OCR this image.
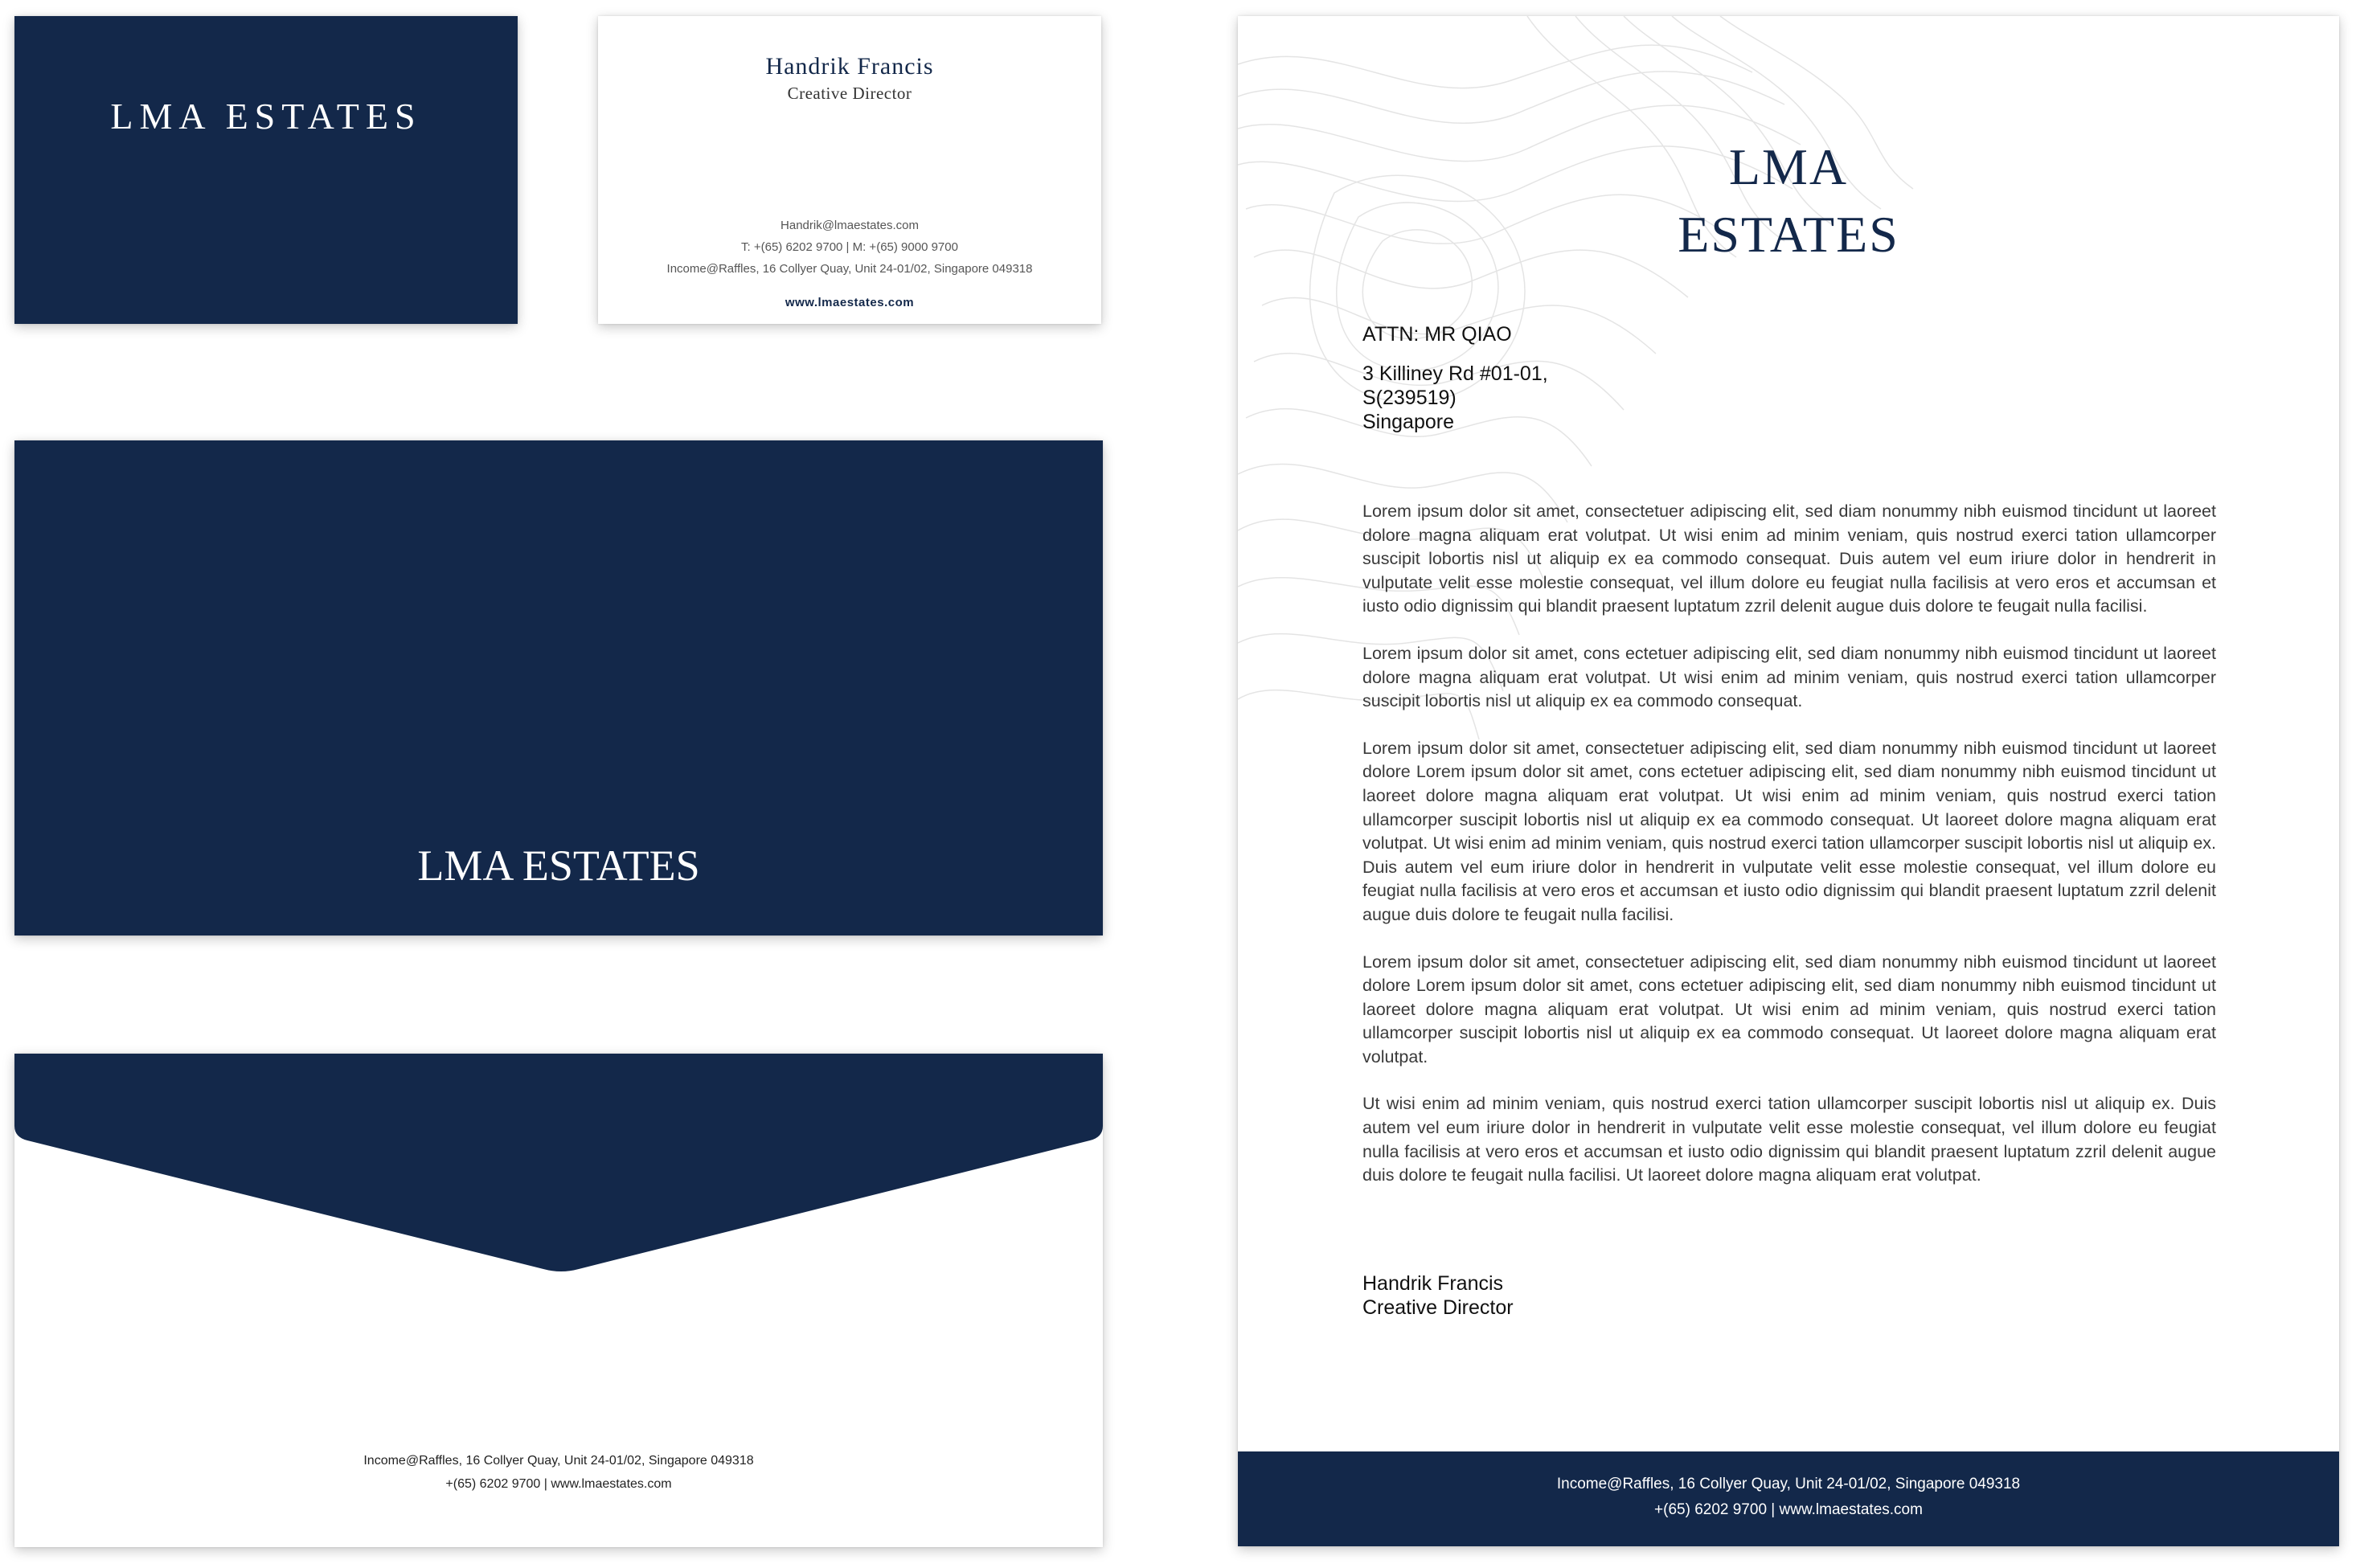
LMA ESTATES
Handrik Francis
Creative Director
Handrik@lmaestates.com
T: +(65) 6202 9700 | M: +(65) 9000 9700
Income@Raffles, 16 Collyer Quay, Unit 24-01/02, Singapore 049318
www.lmaestates.com
LMA ESTATES
Income@Raffles, 16 Collyer Quay, Unit 24-01/02, Singapore 049318
+(65) 6202 9700 | www.lmaestates.com
LMA
ESTATES
ATTN: MR QIAO
3 Killiney Rd #01-01,
S(239519)
Singapore

Lorem ipsum dolor sit amet, consectetuer adipiscing elit, sed diam nonummy nibh euismod tincidunt ut laoreet dolore magna aliquam erat volutpat. Ut wisi enim ad minim veniam, quis nostrud exerci tation ullamcorper suscipit lobortis nisl ut aliquip ex ea commodo consequat. Duis autem vel eum iriure dolor in hendrerit in vulputate velit esse molestie consequat, vel illum dolore eu feugiat nulla facilisis at vero eros et accumsan et iusto odio dignissim qui blandit praesent luptatum zzril delenit augue duis dolore te feugait nulla facilisi.

Lorem ipsum dolor sit amet, cons ectetuer adipiscing elit, sed diam nonummy nibh euismod tincidunt ut laoreet dolore magna aliquam erat volutpat. Ut wisi enim ad minim veniam, quis nostrud exerci tation ullamcorper suscipit lobortis nisl ut aliquip ex ea commodo consequat.

Lorem ipsum dolor sit amet, consectetuer adipiscing elit, sed diam nonummy nibh euismod tincidunt ut laoreet dolore Lorem ipsum dolor sit amet, cons ectetuer adipiscing elit, sed diam nonummy nibh euismod tincidunt ut laoreet dolore magna aliquam erat volutpat. Ut wisi enim ad minim veniam, quis nostrud exerci tation ullamcorper suscipit lobortis nisl ut aliquip ex ea commodo consequat. Ut laoreet dolore magna aliquam erat volutpat. Ut wisi enim ad minim veniam, quis nostrud exerci tation ullamcorper suscipit lobortis nisl ut aliquip ex. Duis autem vel eum iriure dolor in hendrerit in vulputate velit esse molestie consequat, vel illum dolore eu feugiat nulla facilisis at vero eros et accumsan et iusto odio dignissim qui blandit praesent luptatum zzril delenit augue duis dolore te feugait nulla facilisi.

Lorem ipsum dolor sit amet, consectetuer adipiscing elit, sed diam nonummy nibh euismod tincidunt ut laoreet dolore Lorem ipsum dolor sit amet, cons ectetuer adipiscing elit, sed diam nonummy nibh euismod tincidunt ut laoreet dolore magna aliquam erat volutpat. Ut wisi enim ad minim veniam, quis nostrud exerci tation ullamcorper suscipit lobortis nisl ut aliquip ex ea commodo consequat. Ut laoreet dolore magna aliquam erat volutpat.

Ut wisi enim ad minim veniam, quis nostrud exerci tation ullamcorper suscipit lobortis nisl ut aliquip ex. Duis autem vel eum iriure dolor in hendrerit in vulputate velit esse molestie consequat, vel illum dolore eu feugiat nulla facilisis at vero eros et accumsan et iusto odio dignissim qui blandit praesent luptatum zzril delenit augue duis dolore te feugait nulla facilisi. Ut laoreet dolore magna aliquam erat volutpat.

Handrik Francis
Creative Director
Income@Raffles, 16 Collyer Quay, Unit 24-01/02, Singapore 049318
+(65) 6202 9700 | www.lmaestates.com
